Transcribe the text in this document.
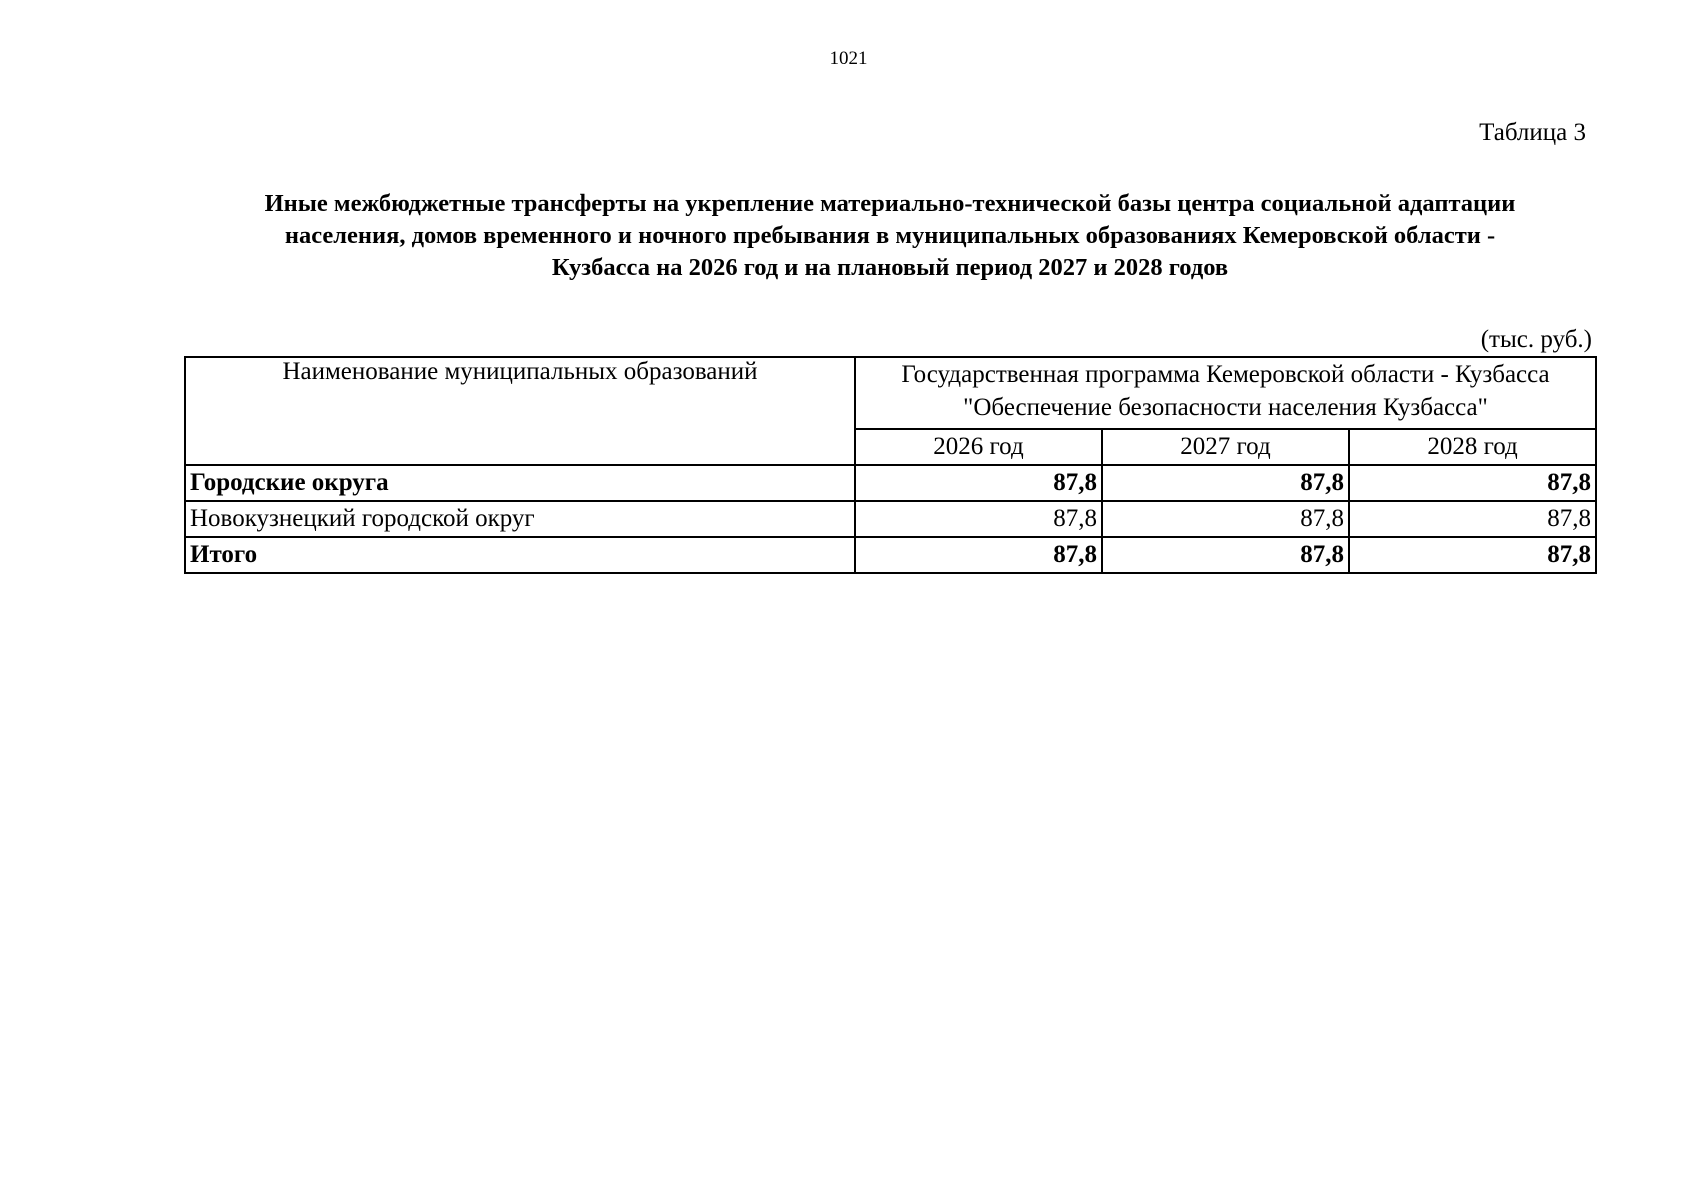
1021
Таблица 3
Иные межбюджетные трансферты на укрепление материально-технической базы центра социальной адаптации
населения, домов временного и ночного пребывания в муниципальных образованиях Кемеровской области -
Кузбасса на 2026 год и на плановый период 2027 и 2028 годов
(тыс. руб.)
Наименование муниципальных образований	Государственная программа Кемеровской области - Кузбасса
"Обеспечение безопасности населения Кузбасса"		

	2026 год	2027 год	2028 год
Городские округа	87,8	87,8	87,8
Новокузнецкий городской округ	87,8	87,8	87,8
Итого	87,8	87,8	87,8
